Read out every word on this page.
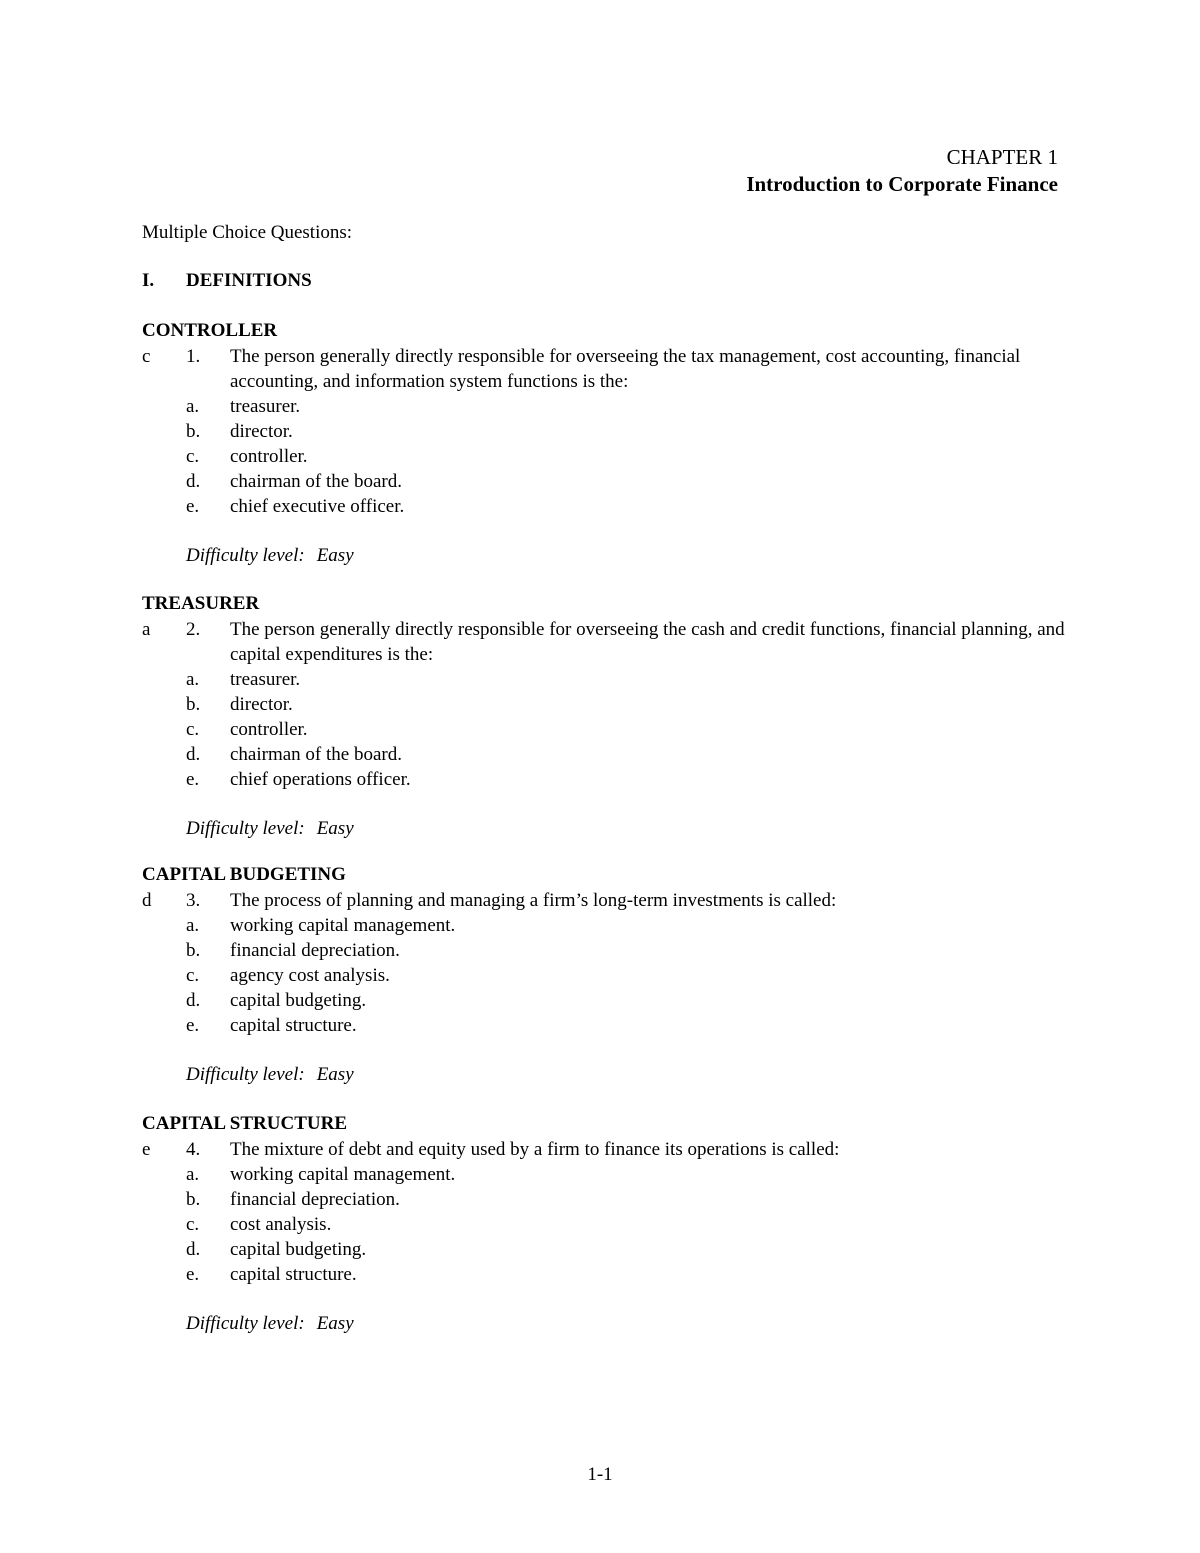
CHAPTER 1
Introduction to Corporate Finance
Multiple Choice Questions:
I. DEFINITIONS
CONTROLLER
c 1. The person generally directly responsible for overseeing the tax management, cost accounting, financial accounting, and information system functions is the:
a. treasurer.
b. director.
c. controller.
d. chairman of the board.
e. chief executive officer.
Difficulty level: Easy
TREASURER
a 2. The person generally directly responsible for overseeing the cash and credit functions, financial planning, and capital expenditures is the:
a. treasurer.
b. director.
c. controller.
d. chairman of the board.
e. chief operations officer.
Difficulty level: Easy
CAPITAL BUDGETING
d 3. The process of planning and managing a firm’s long-term investments is called:
a. working capital management.
b. financial depreciation.
c. agency cost analysis.
d. capital budgeting.
e. capital structure.
Difficulty level: Easy
CAPITAL STRUCTURE
e 4. The mixture of debt and equity used by a firm to finance its operations is called:
a. working capital management.
b. financial depreciation.
c. cost analysis.
d. capital budgeting.
e. capital structure.
Difficulty level: Easy
1-1
